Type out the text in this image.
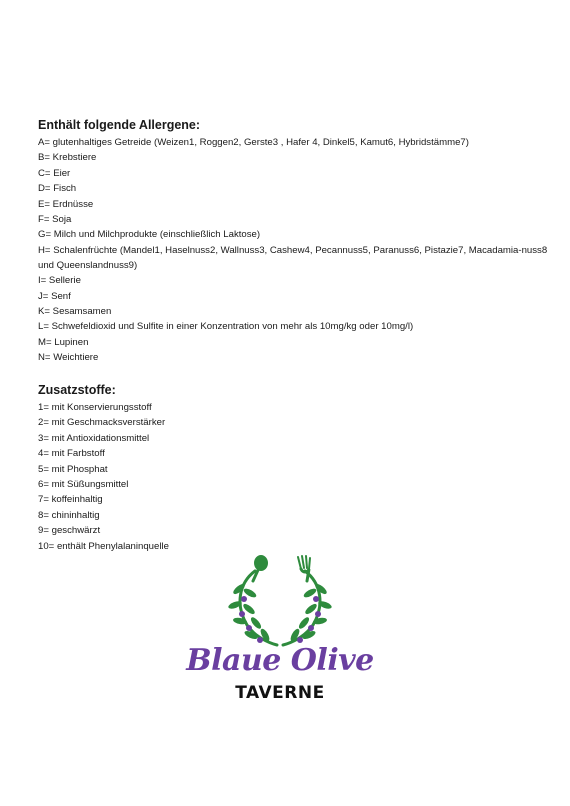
Enthält folgende Allergene:
A= glutenhaltiges Getreide (Weizen1, Roggen2, Gerste3 , Hafer 4, Dinkel5, Kamut6, Hybridstämme7)
B= Krebstiere
C= Eier
D= Fisch
E= Erdnüsse
F= Soja
G= Milch und Milchprodukte (einschließlich Laktose)
H= Schalenfrüchte (Mandel1, Haselnuss2, Wallnuss3, Cashew4, Pecannuss5, Paranuss6, Pistazie7, Macadamia-nuss8 und Queenslandnuss9)
I= Sellerie
J= Senf
K= Sesamsamen
L= Schwefeldioxid und Sulfite in einer Konzentration von mehr als 10mg/kg oder 10mg/l)
M= Lupinen
N= Weichtiere
Zusatzstoffe:
1= mit Konservierungsstoff
2= mit Geschmacksverstärker
3= mit Antioxidationsmittel
4= mit Farbstoff
5= mit Phosphat
6= mit Süßungsmittel
7= koffeinhaltig
8= chininhaltig
9= geschwärzt
10= enthält Phenylalaninquelle
Blaue Olive
TAVERNE
